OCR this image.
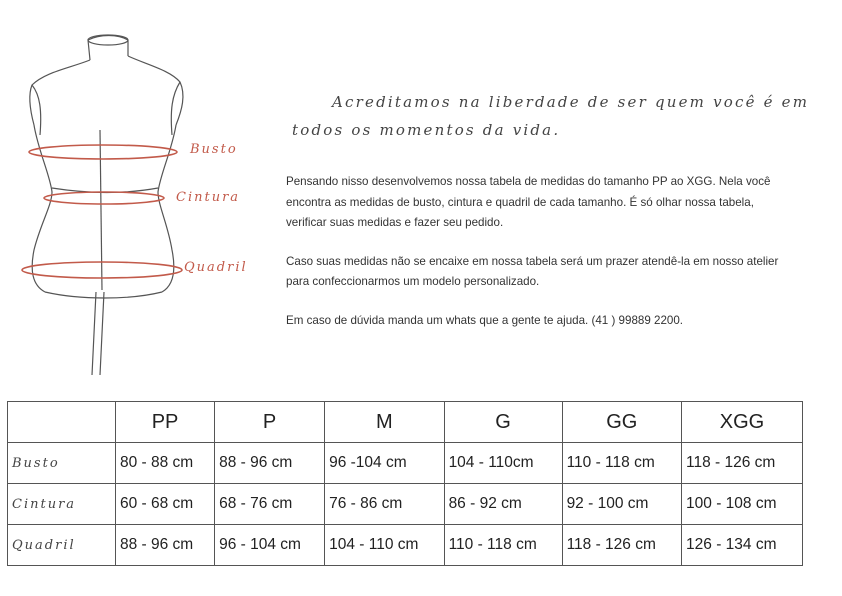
Busto
Cintura
Quadril
Acreditamos na liberdade de ser quem você é em
todos os momentos da vida.

Pensando nisso desenvolvemos nossa tabela de medidas do tamanho PP ao XGG. Nela você encontra as medidas de busto, cintura e quadril de cada tamanho. É só olhar nossa tabela, verificar suas medidas e fazer seu pedido.

Caso suas medidas não se encaixe em nossa tabela será um prazer atendê-la em nosso atelier para confeccionarmos um modelo personalizado.

Em caso de dúvida manda um whats que a gente te ajuda. (41 ) 99889 2200.

	PP	P	M	G	GG	XGG
Busto	80 - 88 cm	88 - 96 cm	96 -104 cm	104 - 110cm	110 - 118 cm	118 - 126 cm
Cintura	60 - 68 cm	68 - 76 cm	76 - 86 cm	86 - 92 cm	92 - 100 cm	100 - 108 cm
Quadril	88 - 96 cm	96 - 104 cm	104 - 110 cm	110 - 118 cm	118 - 126 cm	126 - 134 cm
